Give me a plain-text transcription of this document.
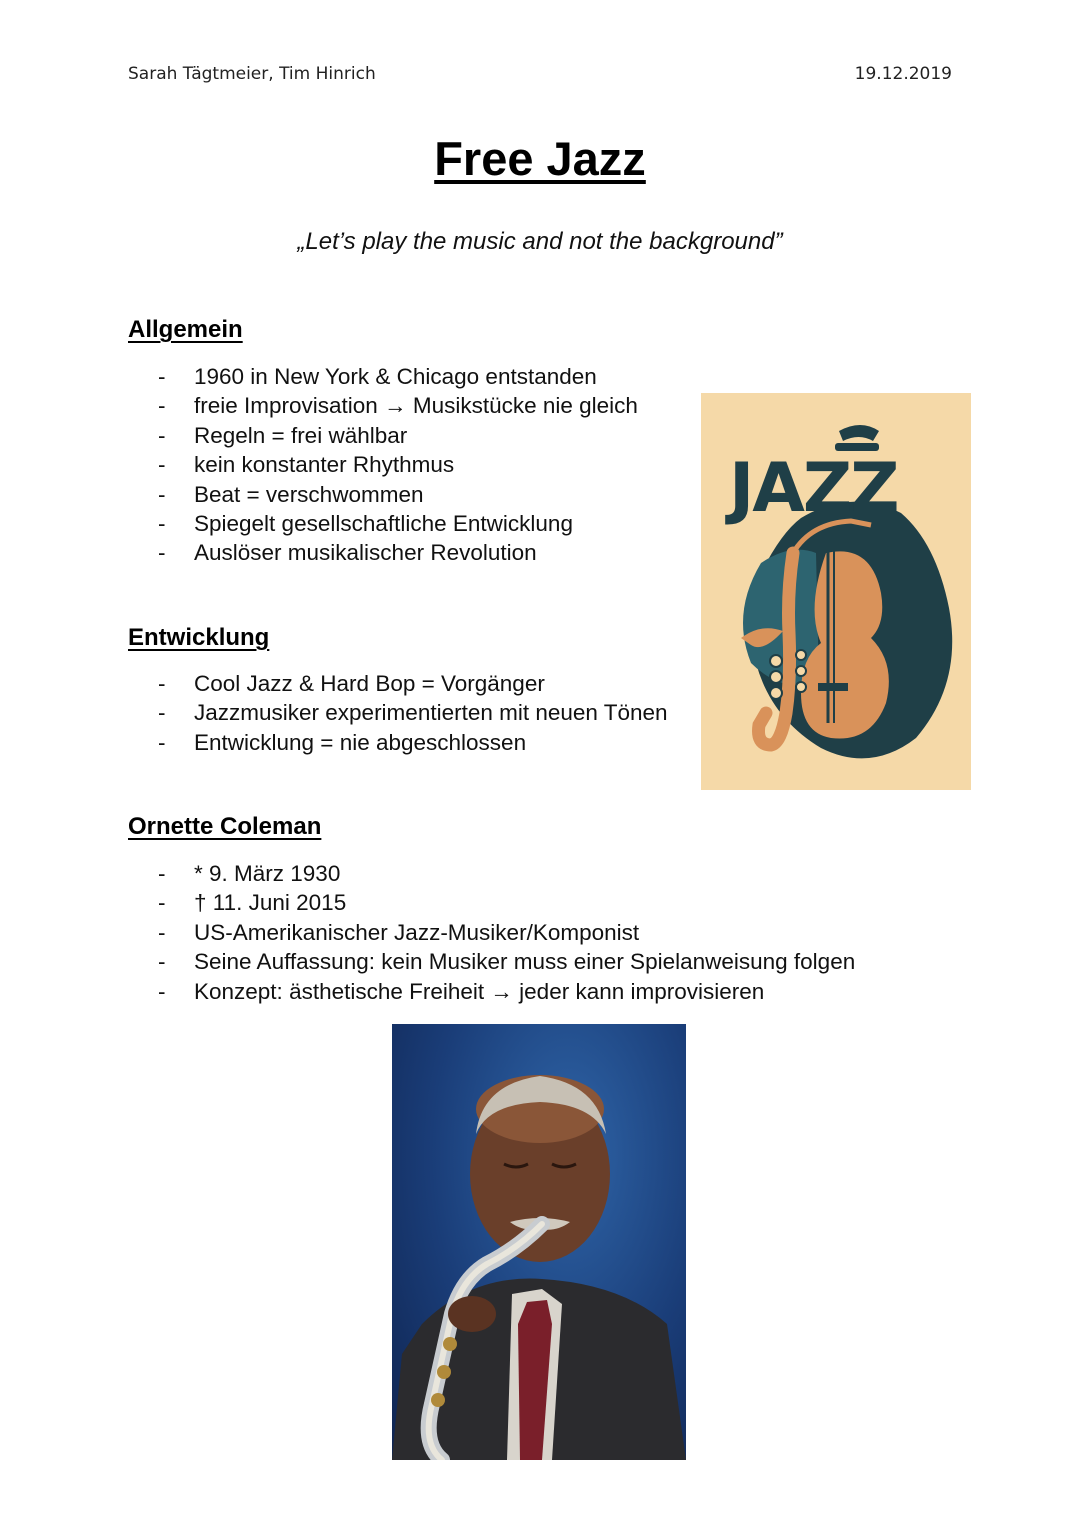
Sarah Tägtmeier, Tim Hinrich	19.12.2019
Free Jazz
„Let’s play the music and not the background”
Allgemein
- 1960 in New York & Chicago entstanden
- freie Improvisation → Musikstücke nie gleich
- Regeln = frei wählbar
- kein konstanter Rhythmus
- Beat = verschwommen
- Spiegelt gesellschaftliche Entwicklung
- Auslöser musikalischer Revolution
Entwicklung
- Cool Jazz & Hard Bop = Vorgänger
- Jazzmusiker experimentierten mit neuen Tönen
- Entwicklung = nie abgeschlossen
Ornette Coleman
- * 9. März 1930
- † 11. Juni 2015
- US-Amerikanischer Jazz-Musiker/Komponist
- Seine Auffassung: kein Musiker muss einer Spielanweisung folgen
- Konzept: ästhetische Freiheit → jeder kann improvisieren
JAZZ
